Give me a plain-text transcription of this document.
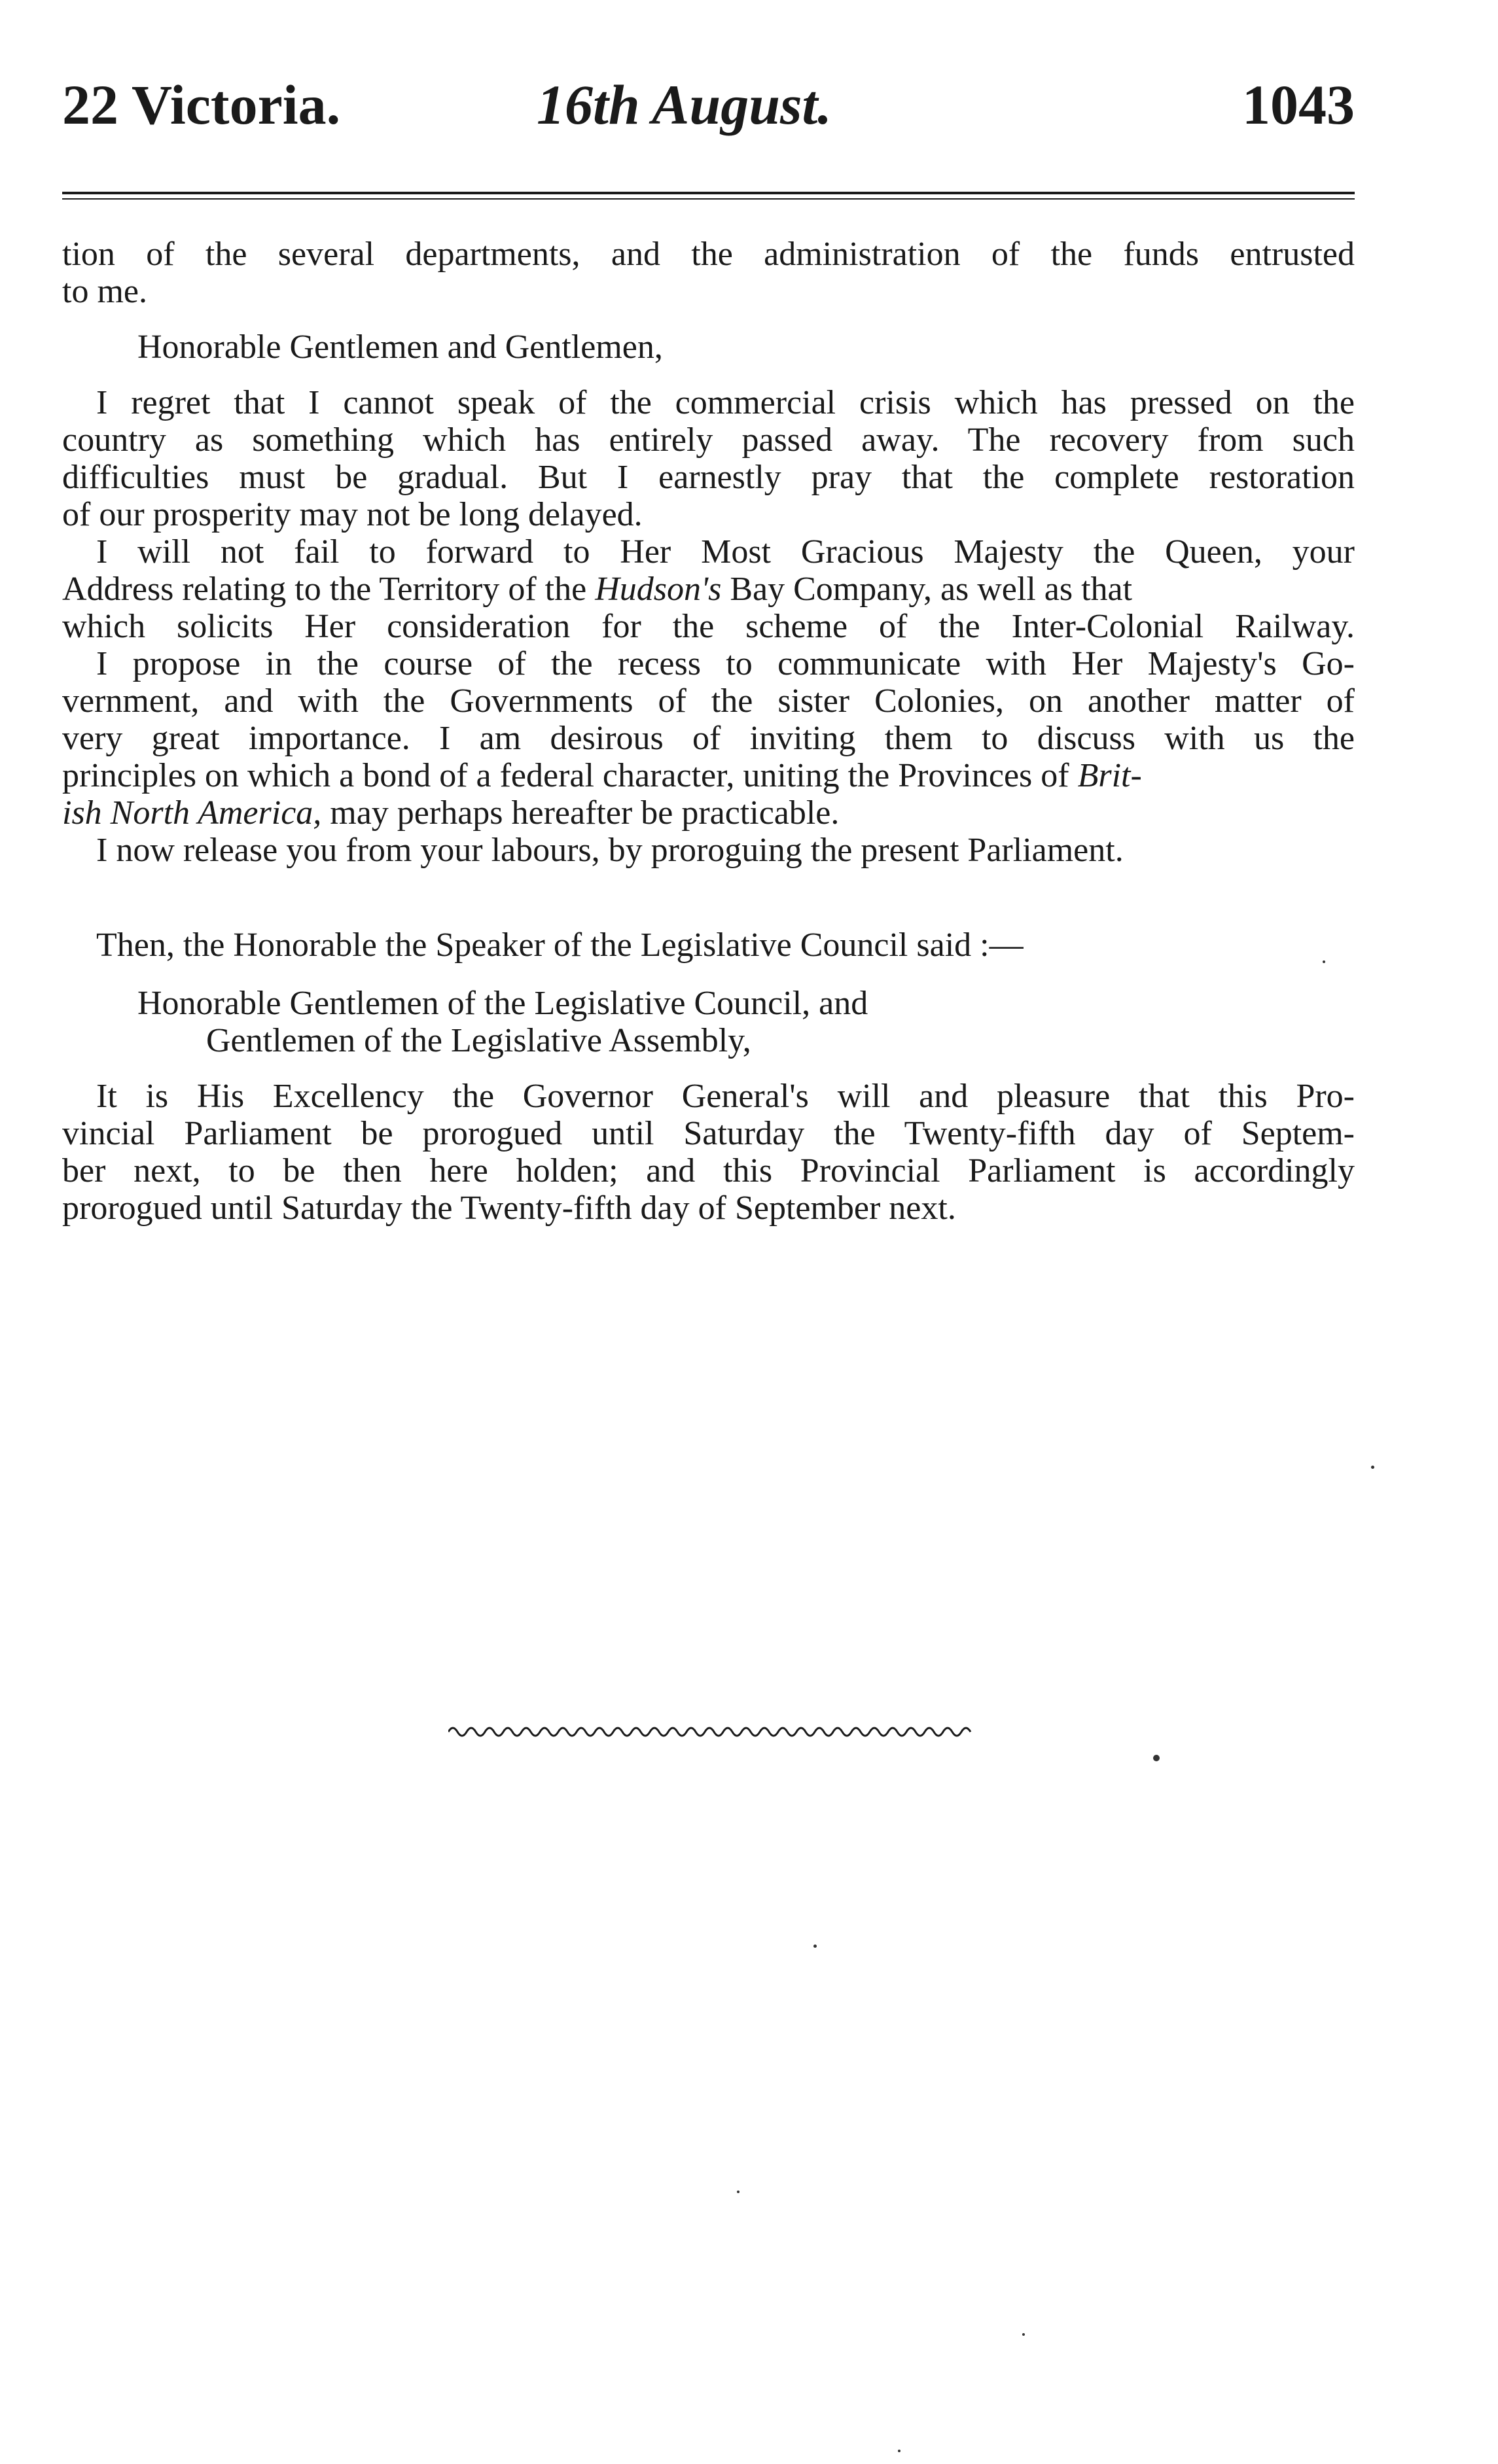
22 Victoria.	16th August.	1043

tion of the several departments, and the administration of the funds entrusted

to me.

Honorable Gentlemen and Gentlemen,

I regret that I cannot speak of the commercial crisis which has pressed on the

country as something which has entirely passed away. The recovery from such

difficulties must be gradual. But I earnestly pray that the complete restoration

of our prosperity may not be long delayed.

I will not fail to forward to Her Most Gracious Majesty the Queen, your

Address relating to the Territory of the Hudson's Bay Company, as well as that

which solicits Her consideration for the scheme of the Inter-Colonial Railway.

I propose in the course of the recess to communicate with Her Majesty's Go-

vernment, and with the Governments of the sister Colonies, on another matter of

very great importance. I am desirous of inviting them to discuss with us the

principles on which a bond of a federal character, uniting the Provinces of Brit-

ish North America, may perhaps hereafter be practicable.

I now release you from your labours, by proroguing the present Parliament.

Then, the Honorable the Speaker of the Legislative Council said :—

Honorable Gentlemen of the Legislative Council, and

Gentlemen of the Legislative Assembly,

It is His Excellency the Governor General's will and pleasure that this Pro-

vincial Parliament be prorogued until Saturday the Twenty-fifth day of Septem-

ber next, to be then here holden; and this Provincial Parliament is accordingly

prorogued until Saturday the Twenty-fifth day of September next.
